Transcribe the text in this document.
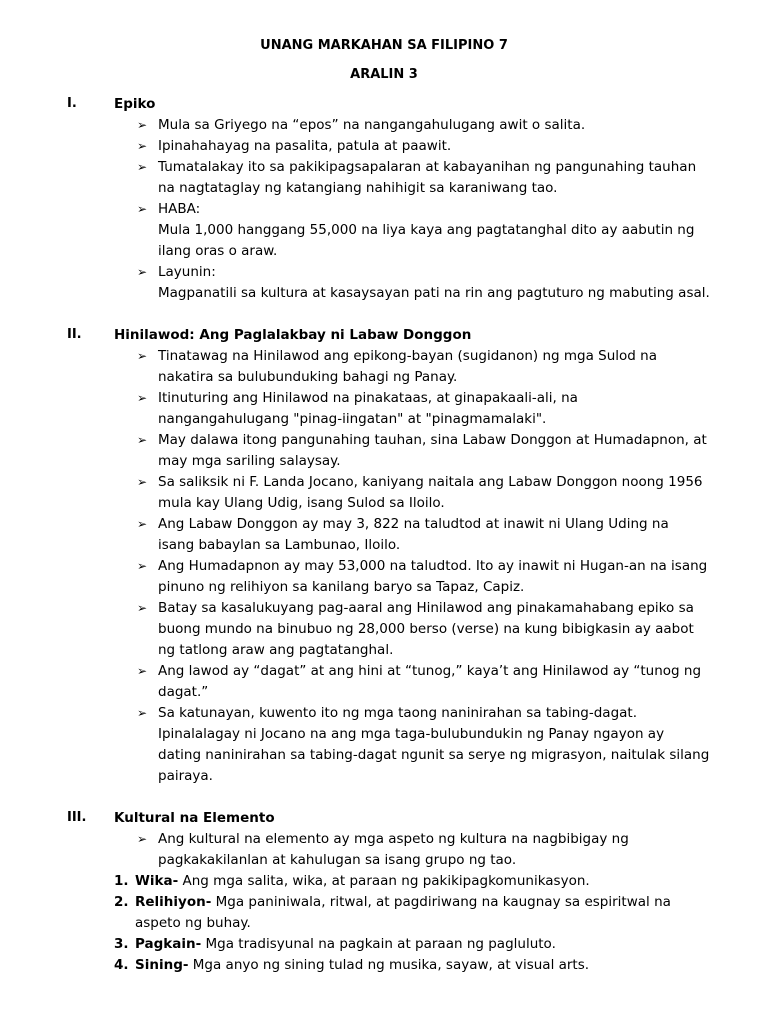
UNANG MARKAHAN SA FILIPINO 7
ARALIN 3
I.	Epiko
➢ Mula sa Griyego na “epos” na nangangahulugang awit o salita.
➢ Ipinahahayag na pasalita, patula at paawit.
➢ Tumatalakay ito sa pakikipagsapalaran at kabayanihan ng pangunahing tauhan
na nagtataglay ng katangiang nahihigit sa karaniwang tao.
➢ HABA:
Mula 1,000 hanggang 55,000 na liya kaya ang pagtatanghal dito ay aabutin ng
ilang oras o araw.
➢ Layunin:
Magpanatili sa kultura at kasaysayan pati na rin ang pagtuturo ng mabuting asal.
II. Hinilawod: Ang Paglalakbay ni Labaw Donggon
➢ Tinatawag na Hinilawod ang epikong-bayan (sugidanon) ng mga Sulod na
nakatira sa bulubunduking bahagi ng Panay.
➢ Itinuturing ang Hinilawod na pinakataas, at ginapakaali-ali, na
nangangahulugang "pinag-iingatan" at "pinagmamalaki".
➢ May dalawa itong pangunahing tauhan, sina Labaw Donggon at Humadapnon, at
may mga sariling salaysay.
➢ Sa saliksik ni F. Landa Jocano, kaniyang naitala ang Labaw Donggon noong 1956
mula kay Ulang Udig, isang Sulod sa Iloilo.
➢ Ang Labaw Donggon ay may 3, 822 na taludtod at inawit ni Ulang Uding na
isang babaylan sa Lambunao, Iloilo.
➢ Ang Humadapnon ay may 53,000 na taludtod. Ito ay inawit ni Hugan-an na isang
pinuno ng relihiyon sa kanilang baryo sa Tapaz, Capiz.
➢ Batay sa kasalukuyang pag-aaral ang Hinilawod ang pinakamahabang epiko sa
buong mundo na binubuo ng 28,000 berso (verse) na kung bibigkasin ay aabot
ng tatlong araw ang pagtatanghal.
➢ Ang lawod ay “dagat” at ang hini at “tunog,” kaya’t ang Hinilawod ay “tunog ng
dagat.”
➢ Sa katunayan, kuwento ito ng mga taong naninirahan sa tabing-dagat.
Ipinalalagay ni Jocano na ang mga taga-bulubundukin ng Panay ngayon ay
dating naninirahan sa tabing-dagat ngunit sa serye ng migrasyon, naitulak silang
pairaya.
III. Kultural na Elemento
➢ Ang kultural na elemento ay mga aspeto ng kultura na nagbibigay ng
pagkakakilanlan at kahulugan sa isang grupo ng tao.
1. Wika- Ang mga salita, wika, at paraan ng pakikipagkomunikasyon.
2. Relihiyon- Mga paniniwala, ritwal, at pagdiriwang na kaugnay sa espiritwal na
aspeto ng buhay.
3. Pagkain- Mga tradisyunal na pagkain at paraan ng pagluluto.
4. Sining- Mga anyo ng sining tulad ng musika, sayaw, at visual arts.
